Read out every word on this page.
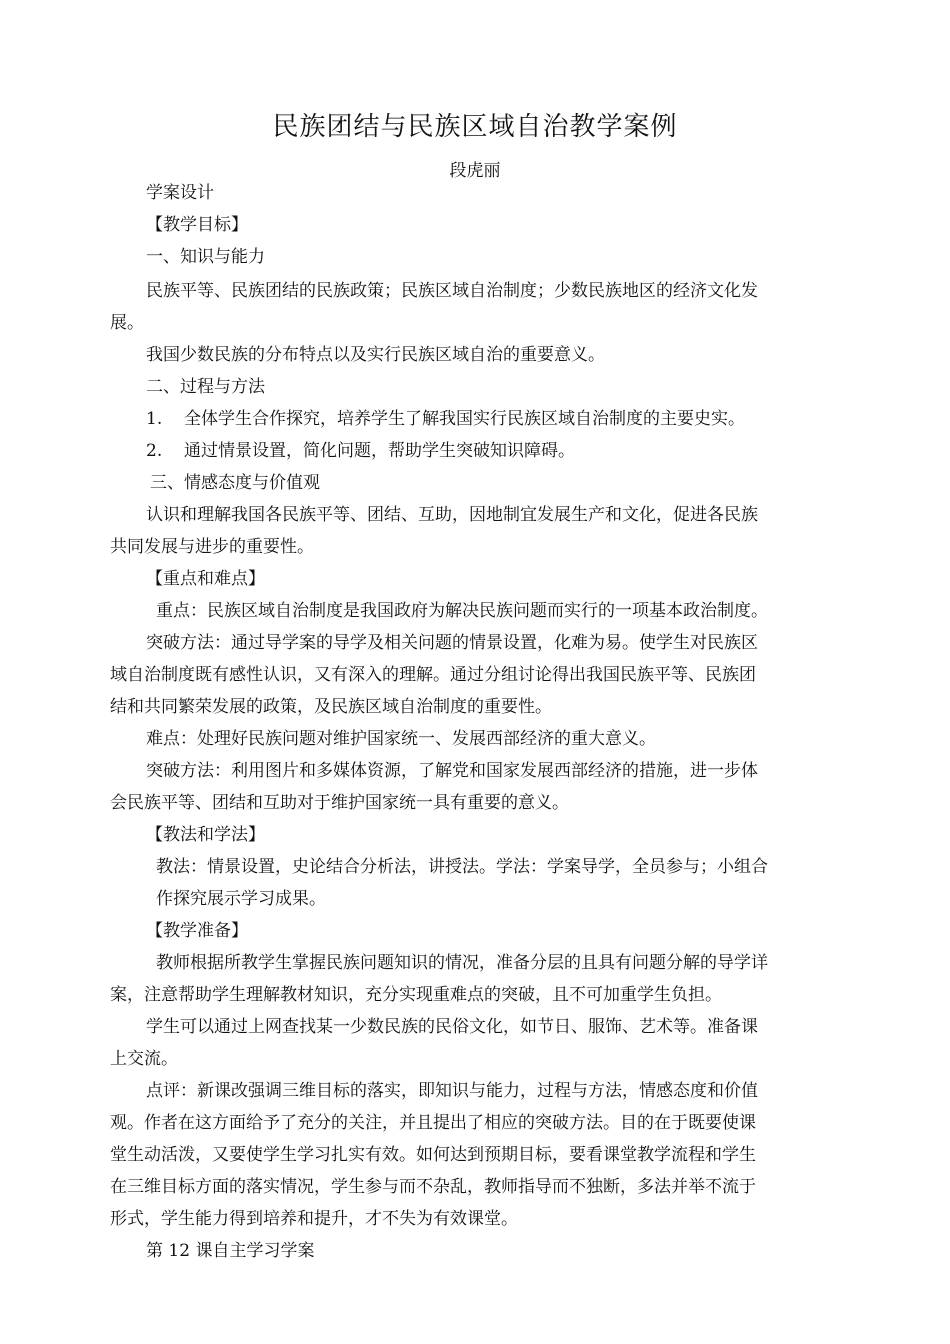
民族团结与民族区域自治教学案例
段虎丽
学案设计
【教学目标】
一、知识与能力
民族平等、民族团结的民族政策；民族区域自治制度；少数民族地区的经济文化发
展。
我国少数民族的分布特点以及实行民族区域自治的重要意义。
二、过程与方法
1. 全体学生合作探究，培养学生了解我国实行民族区域自治制度的主要史实。
2. 通过情景设置，简化问题，帮助学生突破知识障碍。
三、情感态度与价值观
认识和理解我国各民族平等、团结、互助，因地制宜发展生产和文化，促进各民族
共同发展与进步的重要性。
【重点和难点】
重点：民族区域自治制度是我国政府为解决民族问题而实行的一项基本政治制度。
突破方法：通过导学案的导学及相关问题的情景设置，化难为易。使学生对民族区
域自治制度既有感性认识，又有深入的理解。通过分组讨论得出我国民族平等、民族团
结和共同繁荣发展的政策，及民族区域自治制度的重要性。
难点：处理好民族问题对维护国家统一、发展西部经济的重大意义。
突破方法：利用图片和多媒体资源，了解党和国家发展西部经济的措施，进一步体
会民族平等、团结和互助对于维护国家统一具有重要的意义。
【教法和学法】
教法：情景设置，史论结合分析法，讲授法。学法：学案导学，全员参与；小组合
作探究展示学习成果。
【教学准备】
教师根据所教学生掌握民族问题知识的情况，准备分层的且具有问题分解的导学详
案，注意帮助学生理解教材知识，充分实现重难点的突破，且不可加重学生负担。
学生可以通过上网查找某一少数民族的民俗文化，如节日、服饰、艺术等。准备课
上交流。
点评：新课改强调三维目标的落实，即知识与能力，过程与方法，情感态度和价值
观。作者在这方面给予了充分的关注，并且提出了相应的突破方法。目的在于既要使课
堂生动活泼，又要使学生学习扎实有效。如何达到预期目标，要看课堂教学流程和学生
在三维目标方面的落实情况，学生参与而不杂乱，教师指导而不独断，多法并举不流于
形式，学生能力得到培养和提升，才不失为有效课堂。
第 12 课自主学习学案
